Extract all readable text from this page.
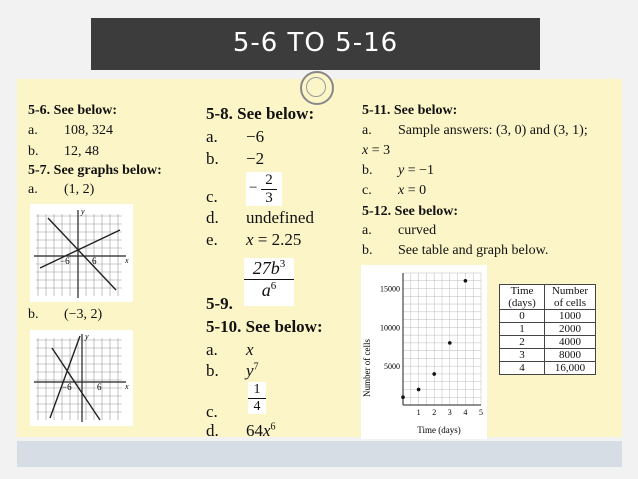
5-6 TO 5-16
5-6. See below:
a. 108, 324
b. 12, 48
5-7. See graphs below:
a. (1, 2)
y
x
−6 6
b. (−3, 2)
y
x
−6	6
5-8. See below:
a. −6
b. −2
c. − $\frac{2}{3}$
d. undefined
e. x = 2.25
$\frac{27b^3}{a^6}$
5-9.
5-10. See below:
a. x
b. $y^7$
$\frac{1}{4}$
c.
d. $64x^6$
5-11. See below:
a. Sample answers: (3, 0) and (3, 1);
x = 3
b. y = −1
c. x = 0
5-12. See below:
a. curved
b. See table and graph below.
5000
10000
15000
1 2 3 4 5
Number of cells
Time (days)
Time (days)	Number of cells
0	1000
1	2000
2	4000
3	8000
4	16,000
